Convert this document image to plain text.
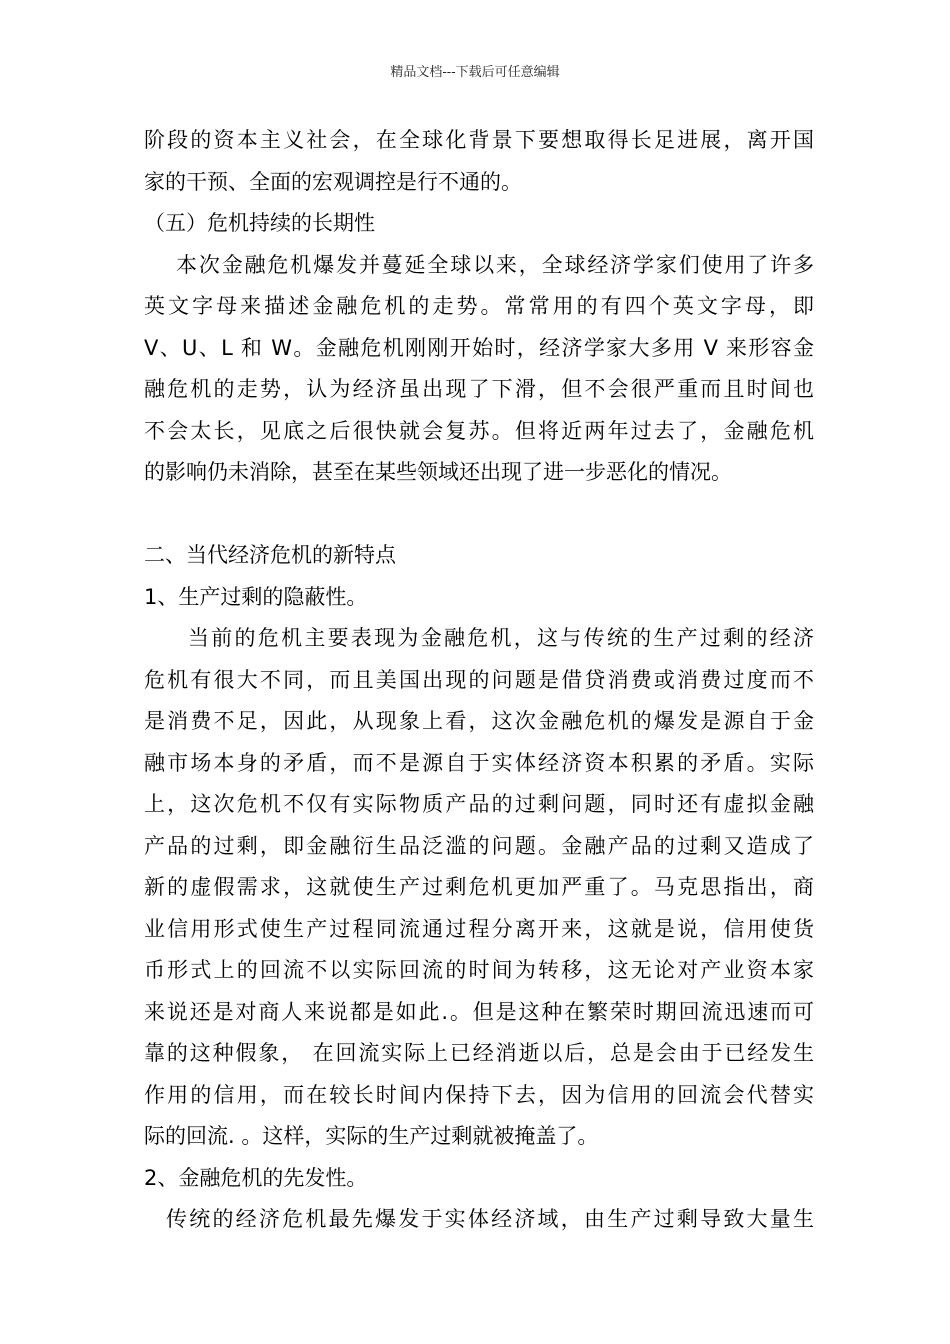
精品文档---下载后可任意编辑
阶段的资本主义社会，在全球化背景下要想取得长足进展，离开国
家的干预、全面的宏观调控是行不通的。
（五）危机持续的长期性
本次金融危机爆发并蔓延全球以来，全球经济学家们使用了许多
英文字母来描述金融危机的走势。常常用的有四个英文字母，即
V、U、L 和 W。金融危机刚刚开始时，经济学家大多用 V 来形容金
融危机的走势，认为经济虽出现了下滑，但不会很严重而且时间也
不会太长，见底之后很快就会复苏。但将近两年过去了，金融危机
的影响仍未消除，甚至在某些领域还出现了进一步恶化的情况。
二、当代经济危机的新特点
1、生产过剩的隐蔽性。
当前的危机主要表现为金融危机，这与传统的生产过剩的经济
危机有很大不同，而且美国出现的问题是借贷消费或消费过度而不
是消费不足，因此，从现象上看，这次金融危机的爆发是源自于金
融市场本身的矛盾，而不是源自于实体经济资本积累的矛盾。实际
上，这次危机不仅有实际物质产品的过剩问题，同时还有虚拟金融
产品的过剩，即金融衍生品泛滥的问题。金融产品的过剩又造成了
新的虚假需求，这就使生产过剩危机更加严重了。马克思指出，商
业信用形式使生产过程同流通过程分离开来，这就是说，信用使货
币形式上的回流不以实际回流的时间为转移，这无论对产业资本家
来说还是对商人来说都是如此.。但是这种在繁荣时期回流迅速而可
靠的这种假象， 在回流实际上已经消逝以后，总是会由于已经发生
作用的信用，而在较长时间内保持下去，因为信用的回流会代替实
际的回流. 。这样，实际的生产过剩就被掩盖了。
2、金融危机的先发性。
传统的经济危机最先爆发于实体经济域，由生产过剩导致大量生
